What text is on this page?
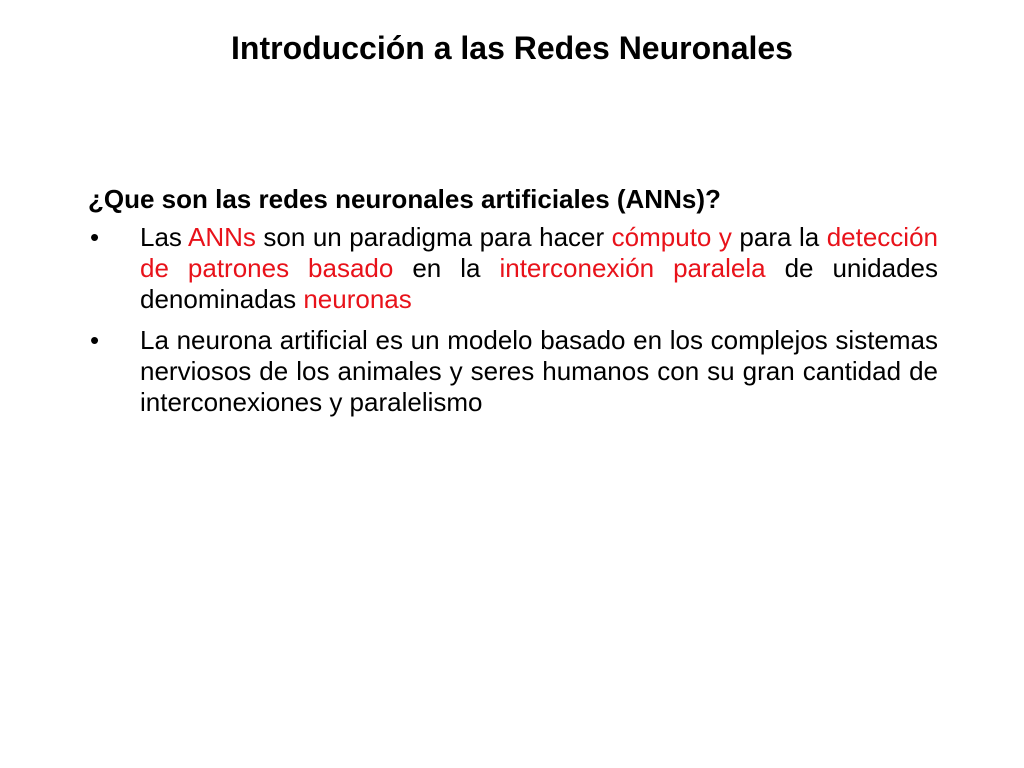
Introducción a las Redes Neuronales

¿Que son las redes neuronales artificiales (ANNs)?

• Las ANNs son un paradigma para hacer cómputo y para la detección de patrones basado en la interconexión paralela de unidades denominadas neuronas
• La neurona artificial es un modelo basado en los complejos sistemas nerviosos de los animales y seres humanos con su gran cantidad de interconexiones y paralelismo
